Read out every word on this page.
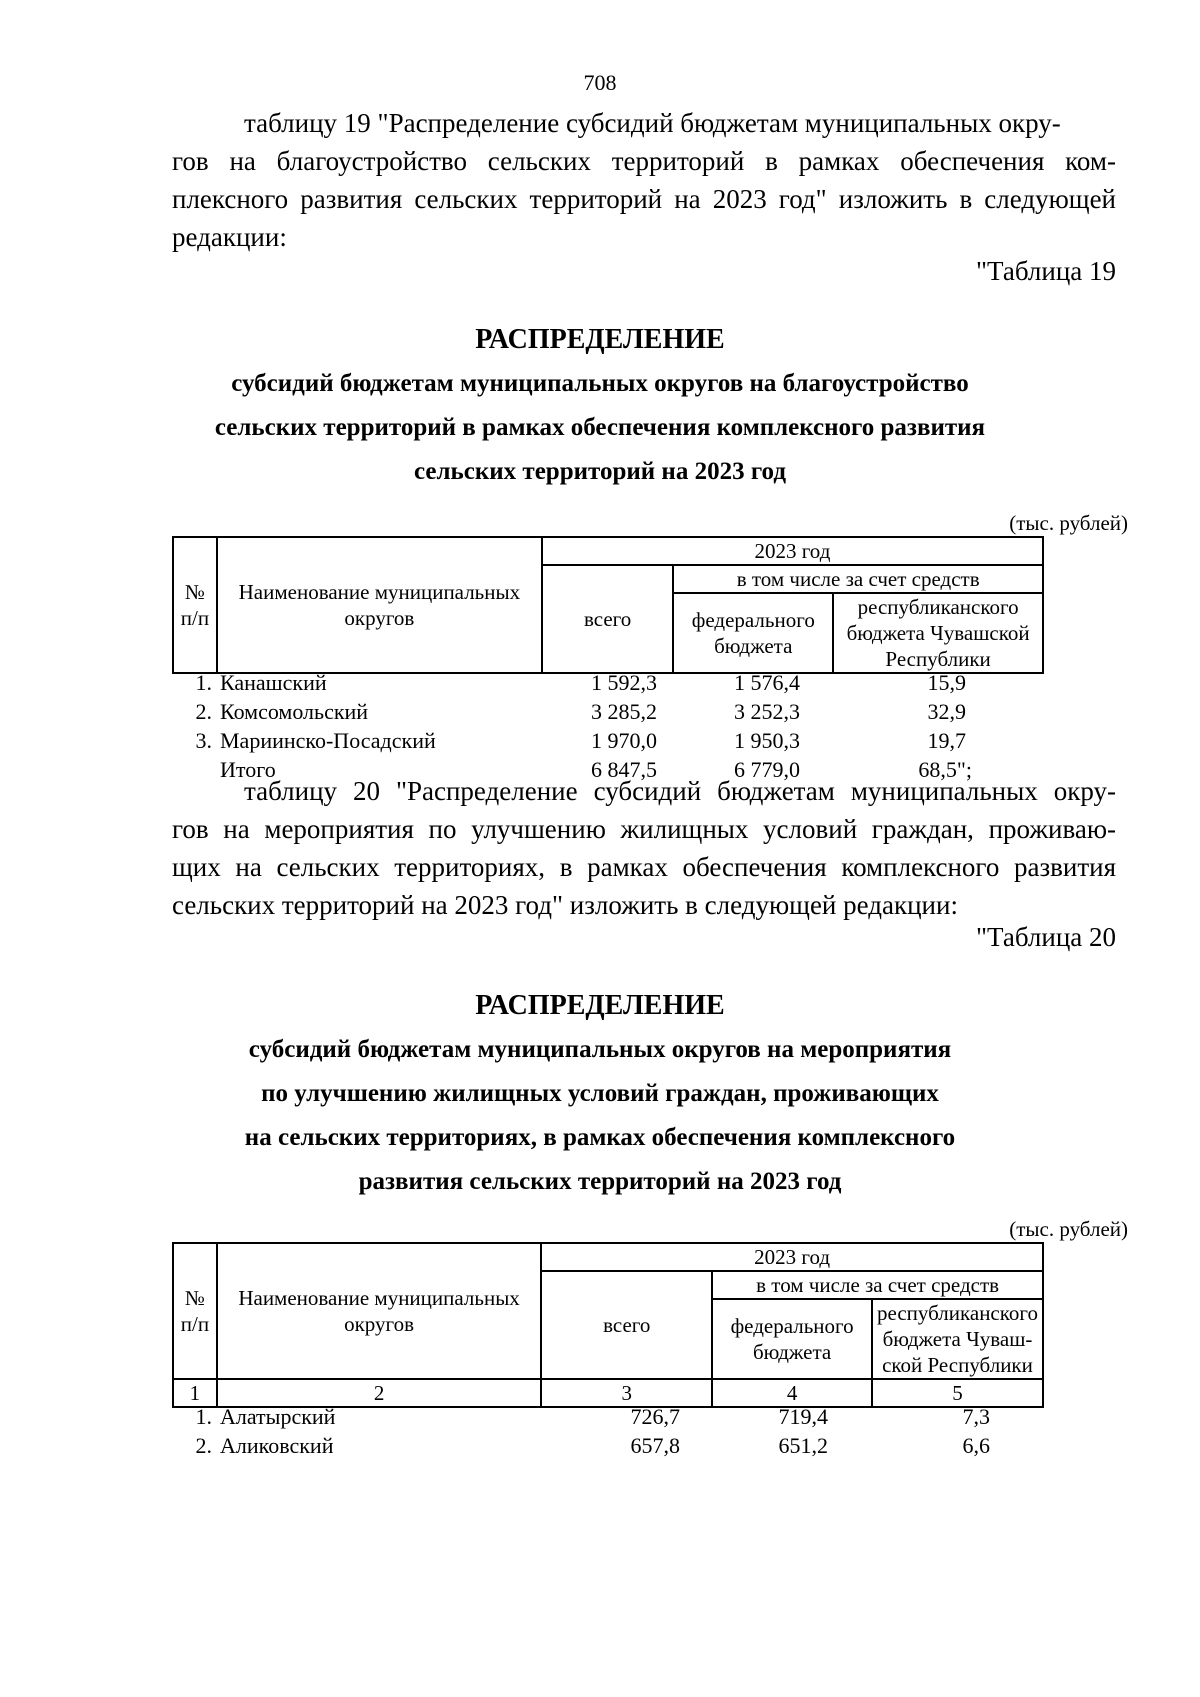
708
таблицу 19 "Распределение субсидий бюджетам муниципальных окру-
гов на благоустройство сельских территорий в рамках обеспечения ком-
плексного развития сельских территорий на 2023 год" изложить в следующей
редакции:
"Таблица 19
РАСПРЕДЕЛЕНИЕ
субсидий бюджетам муниципальных округов на благоустройство
сельских территорий в рамках обеспечения комплексного развития
сельских территорий на 2023 год
(тыс. рублей)
№ п/п	Наименование муниципальных округов	2023 год		
		всего	в том числе за счет средств	
			федерального бюджета	республиканского бюджета Чувашской Республики
1. Канашский	1 592,3	1 576,4	15,9
2. Комсомольский	3 285,2	3 252,3	32,9
3. Мариинско-Посадский	1 970,0	1 950,3	19,7
Итого	6 847,5	6 779,0	68,5";
таблицу 20 "Распределение субсидий бюджетам муниципальных окру-
гов на мероприятия по улучшению жилищных условий граждан, проживаю-
щих на сельских территориях, в рамках обеспечения комплексного развития
сельских территорий на 2023 год" изложить в следующей редакции:
"Таблица 20
РАСПРЕДЕЛЕНИЕ
субсидий бюджетам муниципальных округов на мероприятия
по улучшению жилищных условий граждан, проживающих
на сельских территориях, в рамках обеспечения комплексного
развития сельских территорий на 2023 год
(тыс. рублей)
№ п/п	Наименование муниципальных округов	2023 год		
		всего	в том числе за счет средств	
			федерального бюджета	республиканского бюджета Чуваш-ской Республики
1	2	3	4	5
1. Алатырский	726,7	719,4	7,3
2. Аликовский	657,8	651,2	6,6
